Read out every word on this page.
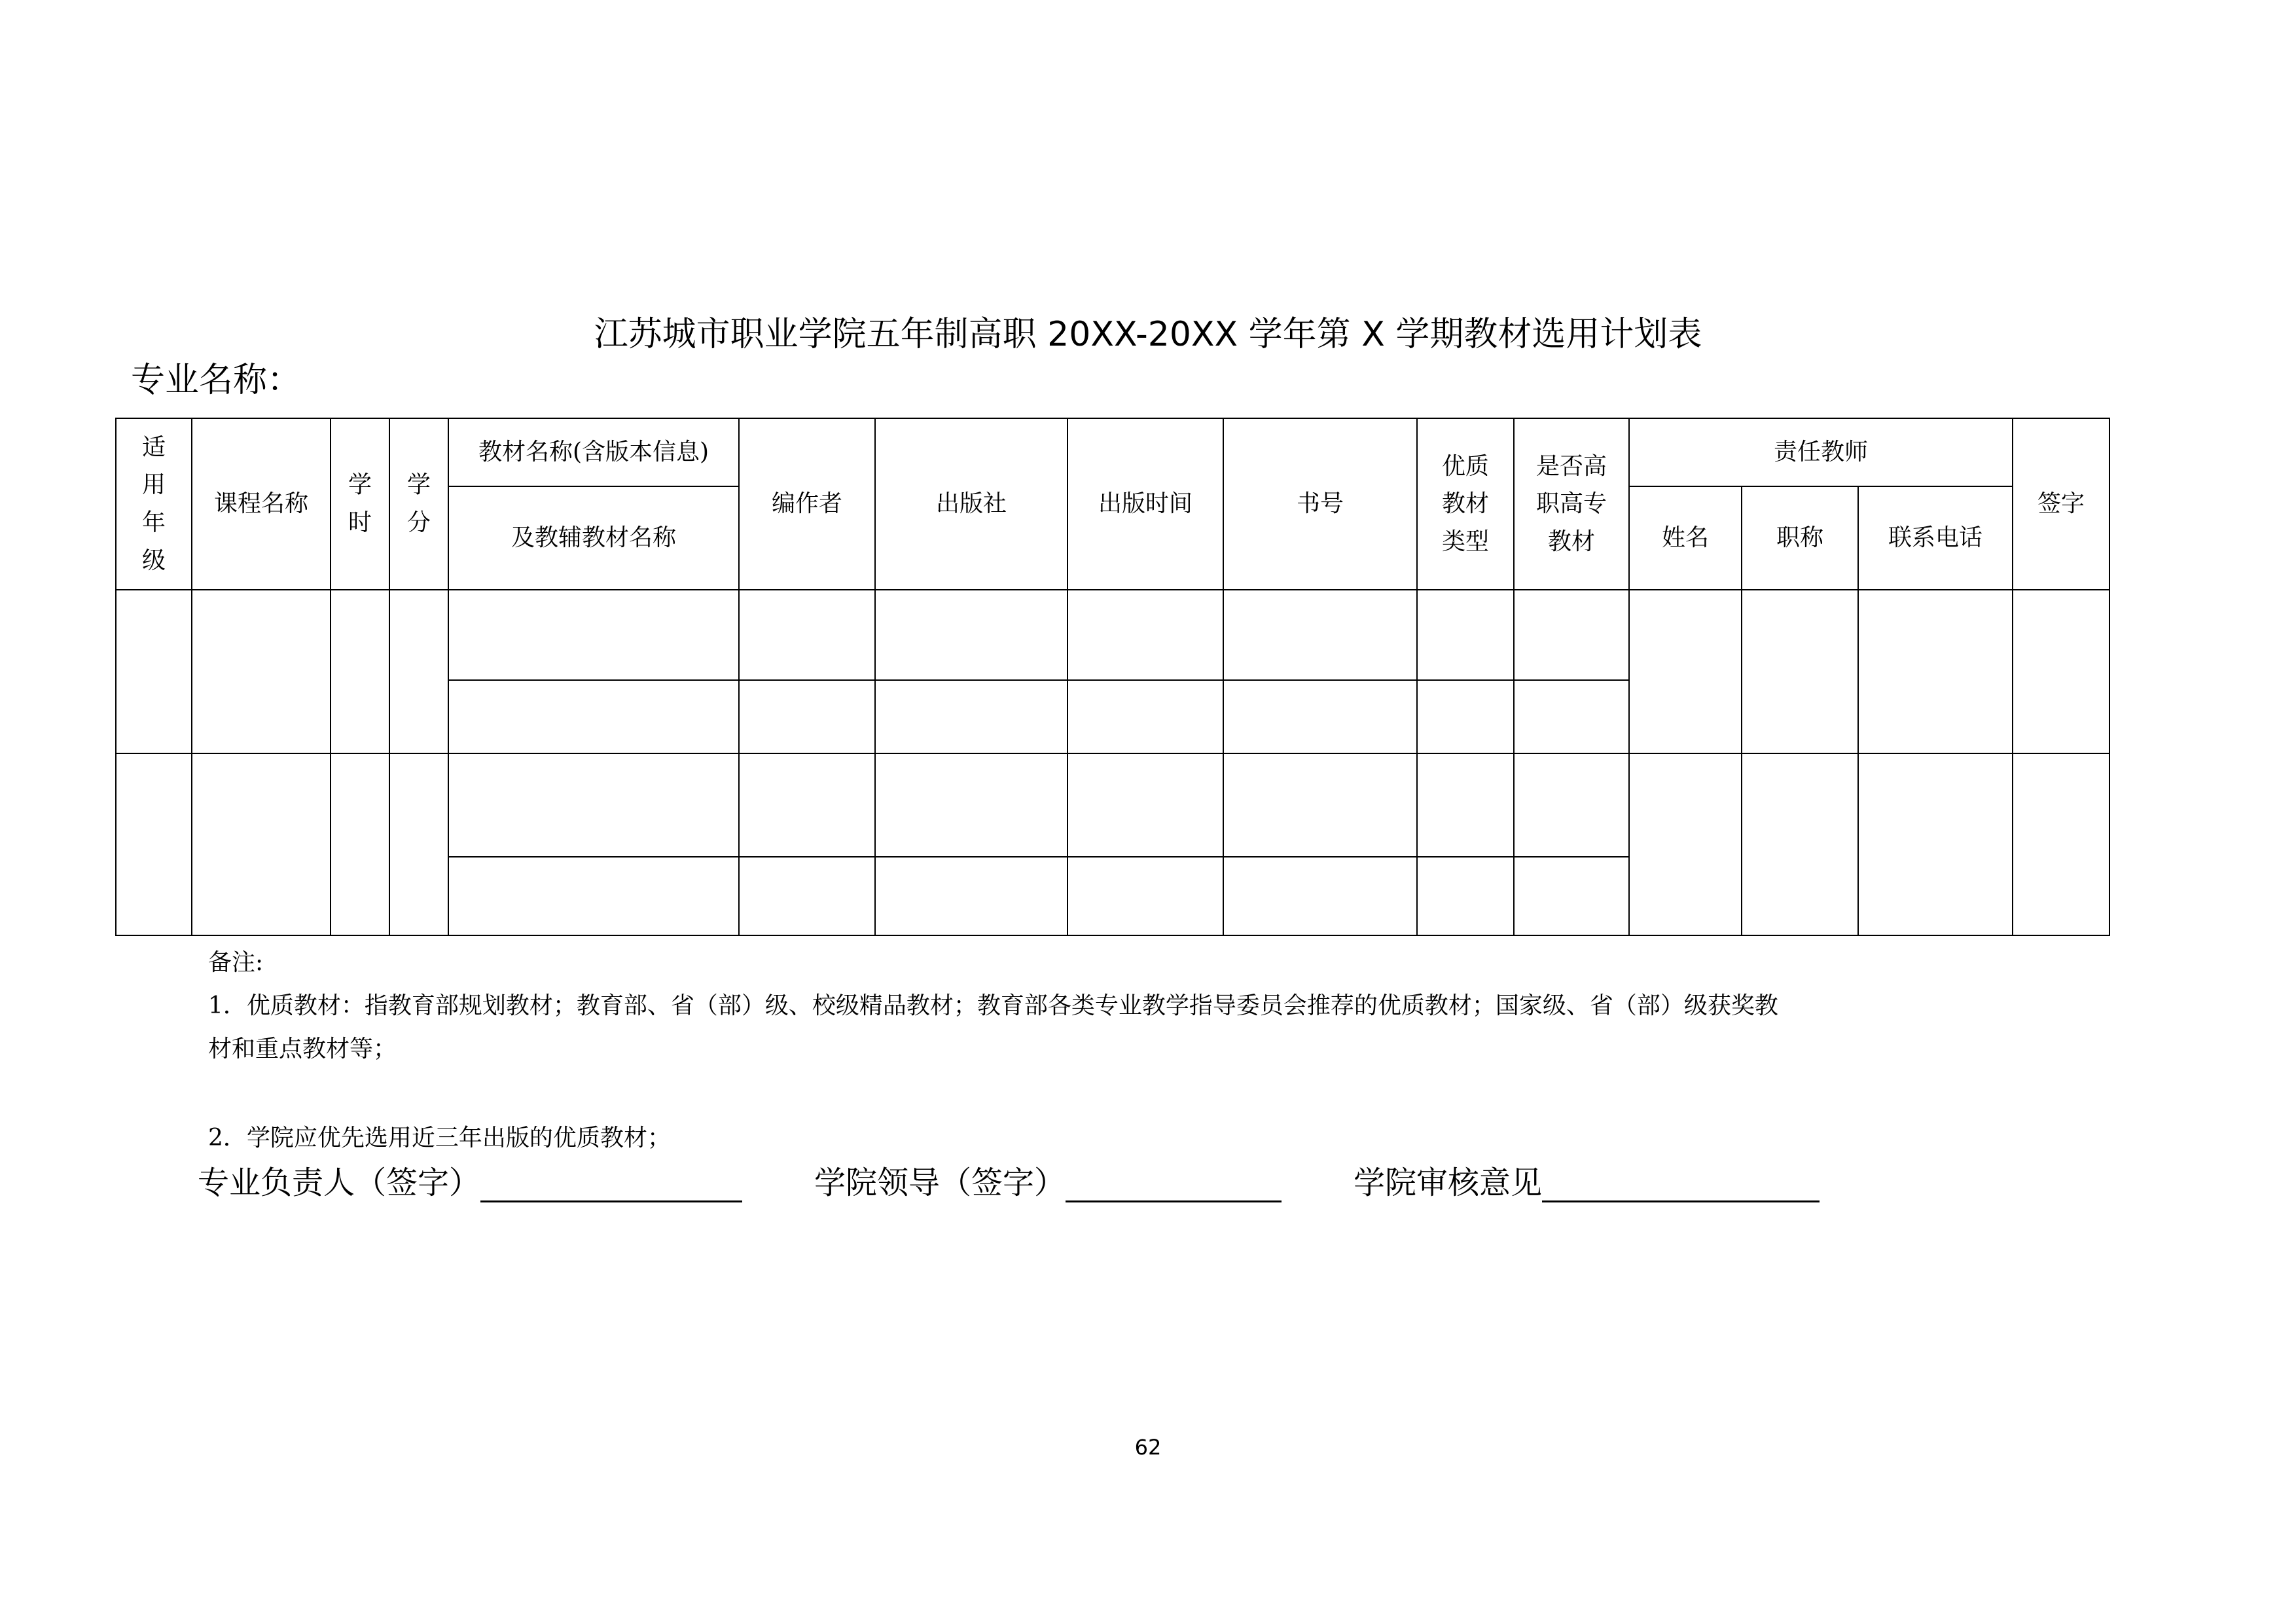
江苏城市职业学院五年制高职 20XX-20XX 学年第 X 学期教材选用计划表
专业名称：
适用年级	课程名称	学时	学分	教材名称(含版本信息)	编作者	出版社	出版时间	书号	优质教材类型	是否高职高专教材	责任教师			签字
				及教辅教材名称							姓名	职称	联系电话	

备注:

1．优质教材：指教育部规划教材；教育部、省（部）级、校级精品教材；教育部各类专业教学指导委员会推荐的优质教材；国家级、省（部）级获奖教

材和重点教材等；

2．学院应优先选用近三年出版的优质教材；

专业负责人（签字）	学院领导（签字）	学院审核意见
62
